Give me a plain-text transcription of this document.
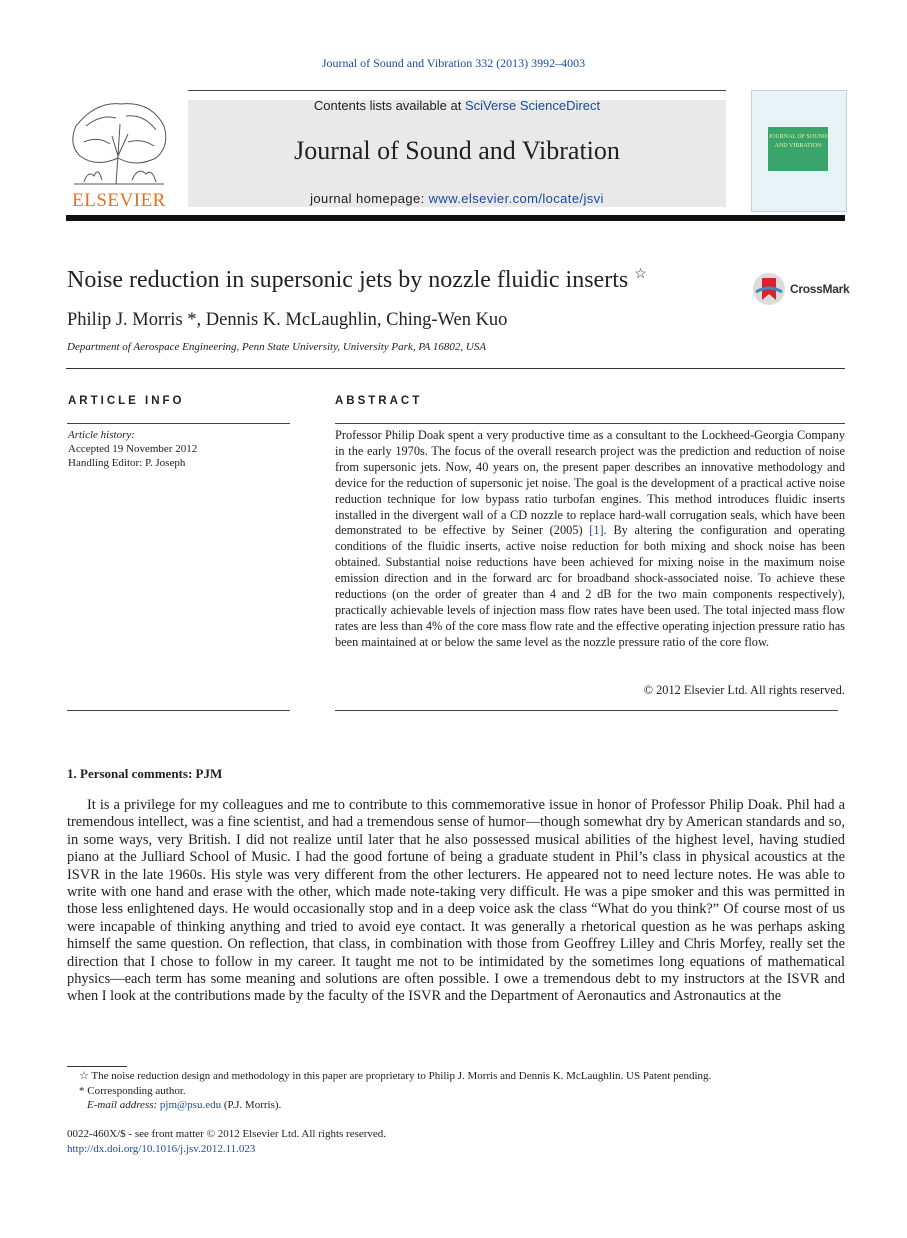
Journal of Sound and Vibration 332 (2013) 3992–4003
Contents lists available at SciVerse ScienceDirect
Journal of Sound and Vibration
journal homepage: www.elsevier.com/locate/jsvi
ELSEVIER
JOURNAL OF SOUND AND VIBRATION
Noise reduction in supersonic jets by nozzle fluidic inserts ☆
CrossMark
Philip J. Morris *, Dennis K. McLaughlin, Ching-Wen Kuo
Department of Aerospace Engineering, Penn State University, University Park, PA 16802, USA
ARTICLE INFO	ABSTRACT
Article history:
Accepted 19 November 2012
Handling Editor: P. Joseph
Professor Philip Doak spent a very productive time as a consultant to the Lockheed-Georgia Company in the early 1970s. The focus of the overall research project was the prediction and reduction of noise from supersonic jets. Now, 40 years on, the present paper describes an innovative methodology and device for the reduction of supersonic jet noise. The goal is the development of a practical active noise reduction technique for low bypass ratio turbofan engines. This method introduces fluidic inserts installed in the divergent wall of a CD nozzle to replace hard-wall corrugation seals, which have been demonstrated to be effective by Seiner (2005) [1]. By altering the configuration and operating conditions of the fluidic inserts, active noise reduction for both mixing and shock noise has been obtained. Substantial noise reductions have been achieved for mixing noise in the maximum noise emission direction and in the forward arc for broadband shock-associated noise. To achieve these reductions (on the order of greater than 4 and 2 dB for the two main components respectively), practically achievable levels of injection mass flow rates have been used. The total injected mass flow rates are less than 4% of the core mass flow rate and the effective operating injection pressure ratio has been maintained at or below the same level as the nozzle pressure ratio of the core flow.
© 2012 Elsevier Ltd. All rights reserved.
1. Personal comments: PJM

It is a privilege for my colleagues and me to contribute to this commemorative issue in honor of Professor Philip Doak. Phil had a tremendous intellect, was a fine scientist, and had a tremendous sense of humor—though somewhat dry by American standards and so, in some ways, very British. I did not realize until later that he also possessed musical abilities of the highest level, having studied piano at the Julliard School of Music. I had the good fortune of being a graduate student in Phil’s class in physical acoustics at the ISVR in the late 1960s. His style was very different from the other lecturers. He appeared not to need lecture notes. He was able to write with one hand and erase with the other, which made note-taking very difficult. He was a pipe smoker and this was permitted in those less enlightened days. He would occasionally stop and in a deep voice ask the class “What do you think?” Of course most of us were incapable of thinking anything and tried to avoid eye contact. It was generally a rhetorical question as he was perhaps asking himself the same question. On reflection, that class, in combination with those from Geoffrey Lilley and Chris Morfey, really set the direction that I chose to follow in my career. It taught me not to be intimidated by the sometimes long equations of mathematical physics—each term has some meaning and solutions are often possible. I owe a tremendous debt to my instructors at the ISVR and when I look at the contributions made by the faculty of the ISVR and the Department of Aeronautics and Astronautics at the

☆ The noise reduction design and methodology in this paper are proprietary to Philip J. Morris and Dennis K. McLaughlin. US Patent pending.
* Corresponding author.
E-mail address: pjm@psu.edu (P.J. Morris).
0022-460X/$ - see front matter © 2012 Elsevier Ltd. All rights reserved.
http://dx.doi.org/10.1016/j.jsv.2012.11.023
